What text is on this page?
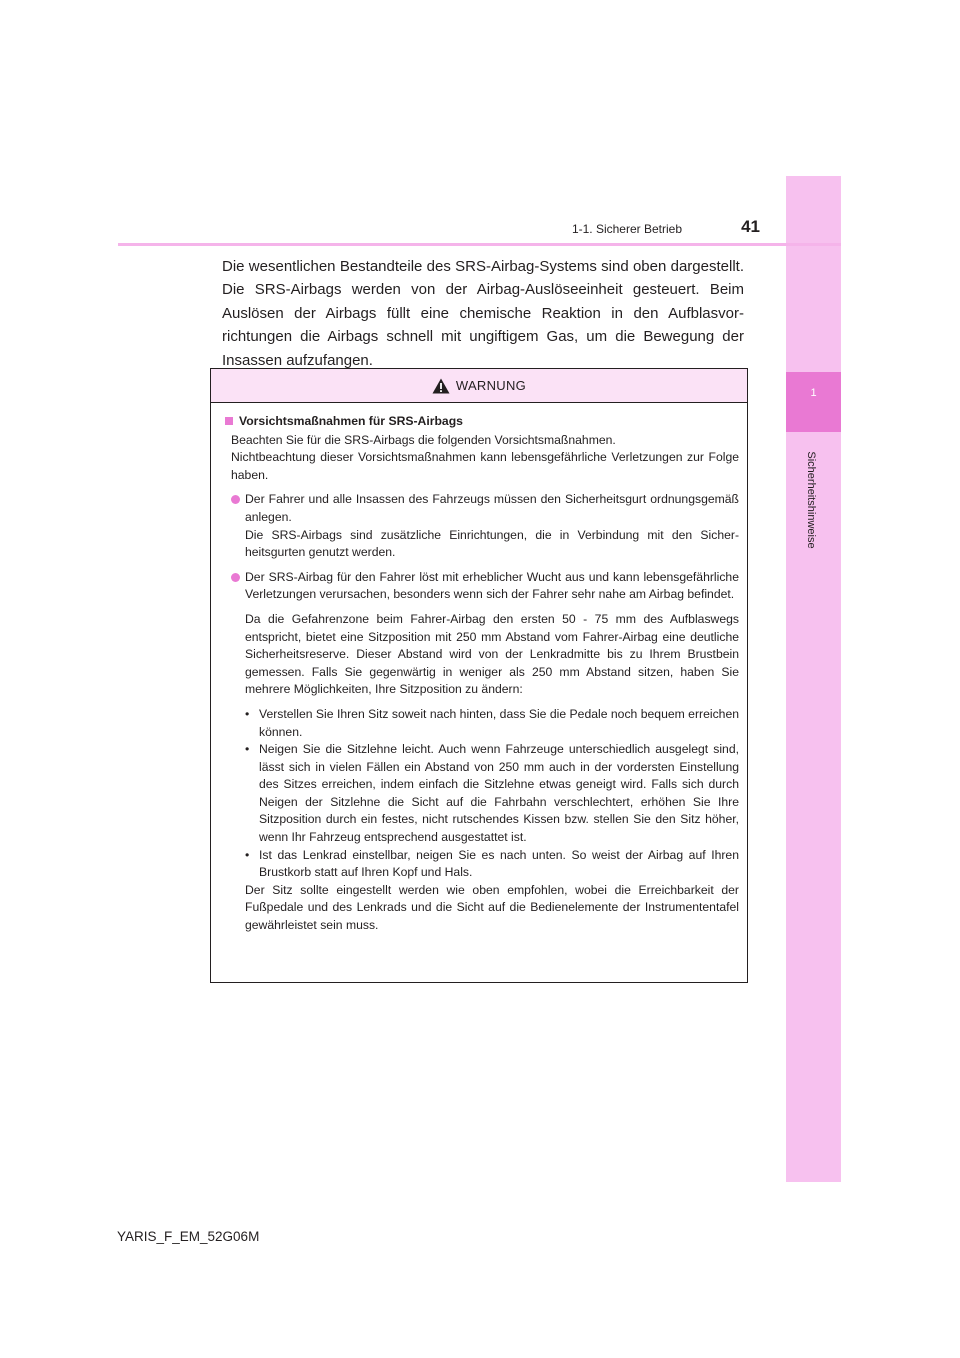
1
Sicherheitshinweise
1-1. Sicherer Betrieb	41

Die wesentlichen Bestandteile des SRS-Airbag-Systems sind oben dargestellt. Die SRS-Airbags werden von der Airbag-Auslöseeinheit gesteuert. Beim Auslösen der Airbags füllt eine chemische Reaktion in den Aufblasvorrichtungen die Airbags schnell mit ungiftigem Gas, um die Bewegung der Insassen aufzufangen.

WARNUNG
Vorsichtsmaßnahmen für SRS-Airbags

Beachten Sie für die SRS-Airbags die folgenden Vorsichtsmaßnahmen.

Nichtbeachtung dieser Vorsichtsmaßnahmen kann lebensgefährliche Verletzungen zur Folge haben.

Der Fahrer und alle Insassen des Fahrzeugs müssen den Sicherheitsgurt ordnungsgemäß anlegen.

Die SRS-Airbags sind zusätzliche Einrichtungen, die in Verbindung mit den Sicherheitsgurten genutzt werden.

Der SRS-Airbag für den Fahrer löst mit erheblicher Wucht aus und kann lebensgefährliche Verletzungen verursachen, besonders wenn sich der Fahrer sehr nahe am Airbag befindet.

Da die Gefahrenzone beim Fahrer-Airbag den ersten 50 - 75 mm des Aufblaswegs entspricht, bietet eine Sitzposition mit 250 mm Abstand vom Fahrer-Airbag eine deutliche Sicherheitsreserve. Dieser Abstand wird von der Lenkradmitte bis zu Ihrem Brustbein gemessen. Falls Sie gegenwärtig in weniger als 250 mm Abstand sitzen, haben Sie mehrere Möglichkeiten, Ihre Sitzposition zu ändern:

• Verstellen Sie Ihren Sitz soweit nach hinten, dass Sie die Pedale noch bequem erreichen können.

• Neigen Sie die Sitzlehne leicht. Auch wenn Fahrzeuge unterschiedlich ausgelegt sind, lässt sich in vielen Fällen ein Abstand von 250 mm auch in der vordersten Einstellung des Sitzes erreichen, indem einfach die Sitzlehne etwas geneigt wird. Falls sich durch Neigen der Sitzlehne die Sicht auf die Fahrbahn verschlechtert, erhöhen Sie Ihre Sitzposition durch ein festes, nicht rutschendes Kissen bzw. stellen Sie den Sitz höher, wenn Ihr Fahrzeug entsprechend ausgestattet ist.

• Ist das Lenkrad einstellbar, neigen Sie es nach unten. So weist der Airbag auf Ihren Brustkorb statt auf Ihren Kopf und Hals.

Der Sitz sollte eingestellt werden wie oben empfohlen, wobei die Erreichbarkeit der Fußpedale und des Lenkrads und die Sicht auf die Bedienelemente der Instrumententafel gewährleistet sein muss.

YARIS_F_EM_52G06M
